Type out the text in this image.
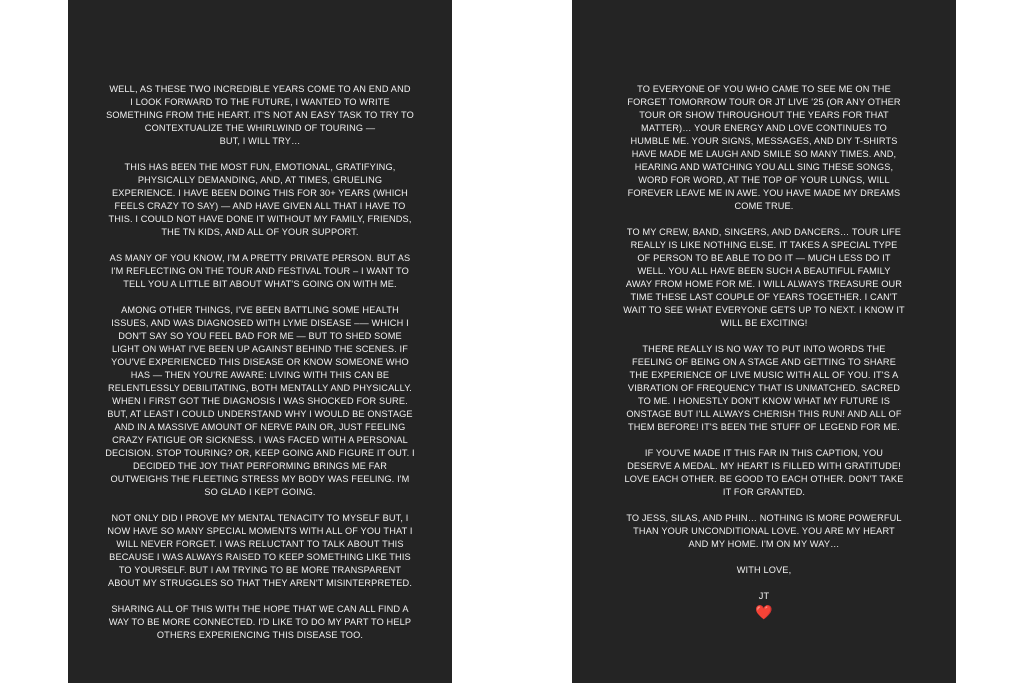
WELL, AS THESE TWO INCREDIBLE YEARS COME TO AN END AND
I LOOK FORWARD TO THE FUTURE, I WANTED TO WRITE
SOMETHING FROM THE HEART. IT'S NOT AN EASY TASK TO TRY TO
CONTEXTUALIZE THE WHIRLWIND OF TOURING —
BUT, I WILL TRY…

THIS HAS BEEN THE MOST FUN, EMOTIONAL, GRATIFYING,
PHYSICALLY DEMANDING, AND, AT TIMES, GRUELING
EXPERIENCE. I HAVE BEEN DOING THIS FOR 30+ YEARS (WHICH
FEELS CRAZY TO SAY) — AND HAVE GIVEN ALL THAT I HAVE TO
THIS. I COULD NOT HAVE DONE IT WITHOUT MY FAMILY, FRIENDS,
THE TN KIDS, AND ALL OF YOUR SUPPORT.

AS MANY OF YOU KNOW, I'M A PRETTY PRIVATE PERSON. BUT AS
I'M REFLECTING ON THE TOUR AND FESTIVAL TOUR – I WANT TO
TELL YOU A LITTLE BIT ABOUT WHAT'S GOING ON WITH ME.

AMONG OTHER THINGS, I'VE BEEN BATTLING SOME HEALTH
ISSUES, AND WAS DIAGNOSED WITH LYME DISEASE –— WHICH I
DON'T SAY SO YOU FEEL BAD FOR ME — BUT TO SHED SOME
LIGHT ON WHAT I'VE BEEN UP AGAINST BEHIND THE SCENES. IF
YOU'VE EXPERIENCED THIS DISEASE OR KNOW SOMEONE WHO
HAS — THEN YOU'RE AWARE: LIVING WITH THIS CAN BE
RELENTLESSLY DEBILITATING, BOTH MENTALLY AND PHYSICALLY.
WHEN I FIRST GOT THE DIAGNOSIS I WAS SHOCKED FOR SURE.
BUT, AT LEAST I COULD UNDERSTAND WHY I WOULD BE ONSTAGE
AND IN A MASSIVE AMOUNT OF NERVE PAIN OR, JUST FEELING
CRAZY FATIGUE OR SICKNESS. I WAS FACED WITH A PERSONAL
DECISION. STOP TOURING? OR, KEEP GOING AND FIGURE IT OUT. I
DECIDED THE JOY THAT PERFORMING BRINGS ME FAR
OUTWEIGHS THE FLEETING STRESS MY BODY WAS FEELING. I'M
SO GLAD I KEPT GOING.

NOT ONLY DID I PROVE MY MENTAL TENACITY TO MYSELF BUT, I
NOW HAVE SO MANY SPECIAL MOMENTS WITH ALL OF YOU THAT I
WILL NEVER FORGET. I WAS RELUCTANT TO TALK ABOUT THIS
BECAUSE I WAS ALWAYS RAISED TO KEEP SOMETHING LIKE THIS
TO YOURSELF. BUT I AM TRYING TO BE MORE TRANSPARENT
ABOUT MY STRUGGLES SO THAT THEY AREN'T MISINTERPRETED.

SHARING ALL OF THIS WITH THE HOPE THAT WE CAN ALL FIND A
WAY TO BE MORE CONNECTED. I'D LIKE TO DO MY PART TO HELP
OTHERS EXPERIENCING THIS DISEASE TOO.

TO EVERYONE OF YOU WHO CAME TO SEE ME ON THE
FORGET TOMORROW TOUR OR JT LIVE '25 (OR ANY OTHER
TOUR OR SHOW THROUGHOUT THE YEARS FOR THAT
MATTER)… YOUR ENERGY AND LOVE CONTINUES TO
HUMBLE ME. YOUR SIGNS, MESSAGES, AND DIY T-SHIRTS
HAVE MADE ME LAUGH AND SMILE SO MANY TIMES. AND,
HEARING AND WATCHING YOU ALL SING THESE SONGS,
WORD FOR WORD, AT THE TOP OF YOUR LUNGS, WILL
FOREVER LEAVE ME IN AWE. YOU HAVE MADE MY DREAMS
COME TRUE.

TO MY CREW, BAND, SINGERS, AND DANCERS… TOUR LIFE
REALLY IS LIKE NOTHING ELSE. IT TAKES A SPECIAL TYPE
OF PERSON TO BE ABLE TO DO IT — MUCH LESS DO IT
WELL. YOU ALL HAVE BEEN SUCH A BEAUTIFUL FAMILY
AWAY FROM HOME FOR ME. I WILL ALWAYS TREASURE OUR
TIME THESE LAST COUPLE OF YEARS TOGETHER. I CAN'T
WAIT TO SEE WHAT EVERYONE GETS UP TO NEXT. I KNOW IT
WILL BE EXCITING!

THERE REALLY IS NO WAY TO PUT INTO WORDS THE
FEELING OF BEING ON A STAGE AND GETTING TO SHARE
THE EXPERIENCE OF LIVE MUSIC WITH ALL OF YOU. IT'S A
VIBRATION OF FREQUENCY THAT IS UNMATCHED. SACRED
TO ME. I HONESTLY DON'T KNOW WHAT MY FUTURE IS
ONSTAGE BUT I'LL ALWAYS CHERISH THIS RUN! AND ALL OF
THEM BEFORE! IT'S BEEN THE STUFF OF LEGEND FOR ME.

IF YOU'VE MADE IT THIS FAR IN THIS CAPTION, YOU
DESERVE A MEDAL. MY HEART IS FILLED WITH GRATITUDE!
LOVE EACH OTHER. BE GOOD TO EACH OTHER. DON'T TAKE
IT FOR GRANTED.

TO JESS, SILAS, AND PHIN… NOTHING IS MORE POWERFUL
THAN YOUR UNCONDITIONAL LOVE. YOU ARE MY HEART
AND MY HOME. I'M ON MY WAY…

WITH LOVE,

JT

❤️
